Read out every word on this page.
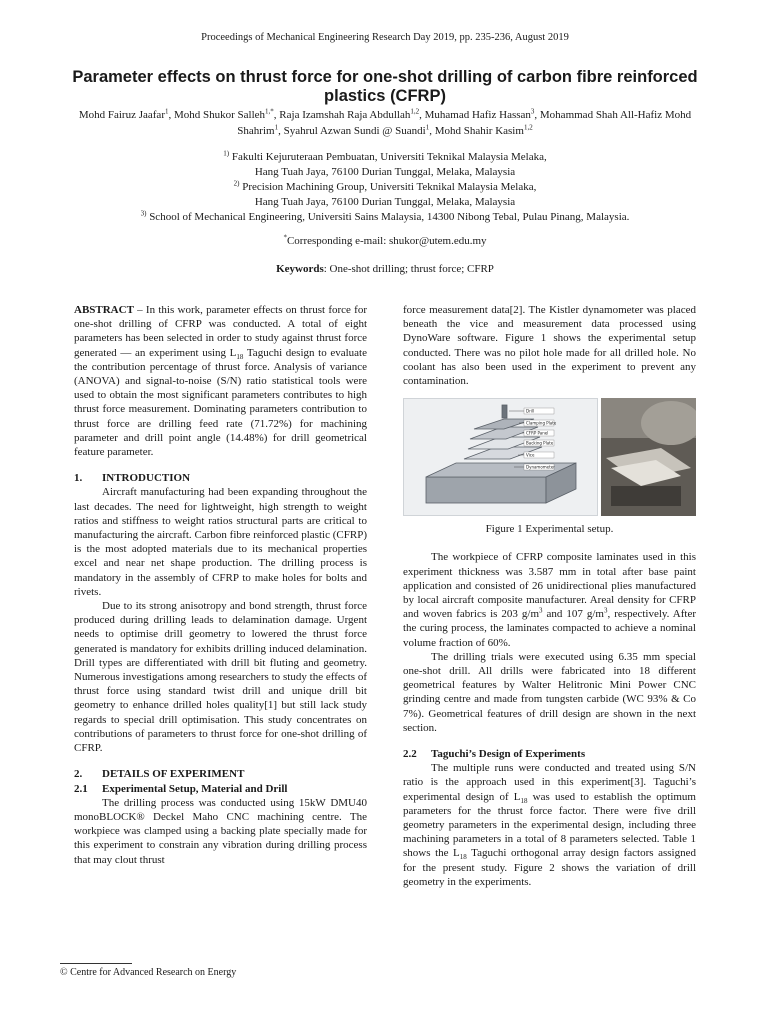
Proceedings of Mechanical Engineering Research Day 2019, pp. 235-236, August 2019
Parameter effects on thrust force for one-shot drilling of carbon fibre reinforced plastics (CFRP)
Mohd Fairuz Jaafar$^1$, Mohd Shukor Salleh$^{1,*}$, Raja Izamshah Raja Abdullah$^{1,2}$, Muhamad Hafiz Hassan$^3$, Mohammad Shah All-Hafiz Mohd Shahrim$^1$, Syahrul Azwan Sundi @ Suandi$^1$, Mohd Shahir Kasim$^{1,2}$
$^{1)}$ Fakulti Kejuruteraan Pembuatan, Universiti Teknikal Malaysia Melaka,
Hang Tuah Jaya, 76100 Durian Tunggal, Melaka, Malaysia
$^{2)}$ Precision Machining Group, Universiti Teknikal Malaysia Melaka,
Hang Tuah Jaya, 76100 Durian Tunggal, Melaka, Malaysia
$^{3)}$ School of Mechanical Engineering, Universiti Sains Malaysia, 14300 Nibong Tebal, Pulau Pinang, Malaysia.
*Corresponding e-mail: shukor@utem.edu.my
Keywords: One-shot drilling; thrust force; CFRP

ABSTRACT – In this work, parameter effects on thrust force for one-shot drilling of CFRP was conducted. A total of eight parameters has been selected in order to study against thrust force generated — an experiment using $L_{18}$ Taguchi design to evaluate the contribution percentage of thrust force. Analysis of variance (ANOVA) and signal-to-noise (S/N) ratio statistical tools were used to obtain the most significant parameters contributes to high thrust force measurement. Dominating parameters contribution to thrust force are drilling feed rate (71.72%) for machining parameter and drill point angle (14.48%) for drill geometrical feature parameter.

1.	INTRODUCTION

Aircraft manufacturing had been expanding throughout the last decades. The need for lightweight, high strength to weight ratios and stiffness to weight ratios structural parts are critical to manufacturing the aircraft. Carbon fibre reinforced plastic (CFRP) is the most adopted materials due to its mechanical properties excel and near net shape production. The drilling process is mandatory in the assembly of CFRP to make holes for bolts and rivets.

Due to its strong anisotropy and bond strength, thrust force produced during drilling leads to delamination damage. Urgent needs to optimise drill geometry to lowered the thrust force generated is mandatory for exhibits drilling induced delamination. Drill types are differentiated with drill bit fluting and geometry. Numerous investigations among researchers to study the effects of thrust force using standard twist drill and unique drill bit geometry to enhance drilled holes quality[1] but still lack study regards to special drill optimisation. This study concentrates on contributions of parameters to thrust force for one-shot drilling of CFRP.

2.	DETAILS OF EXPERIMENT
2.1	Experimental Setup, Material and Drill

The drilling process was conducted using 15kW DMU40 monoBLOCK® Deckel Maho CNC machining centre. The workpiece was clamped using a backing plate specially made for this experiment to constrain any vibration during drilling process that may clout thrust

force measurement data[2]. The Kistler dynamometer was placed beneath the vice and measurement data processed using DynoWare software. Figure 1 shows the experimental setup conducted. There was no pilot hole made for all drilled hole. No coolant has also been used in the experiment to prevent any contamination.

Drill
Clamping Plate
CFRP Panel
Backing Plate
Vice
Dynamometer
Figure 1 Experimental setup.

The workpiece of CFRP composite laminates used in this experiment thickness was 3.587 mm in total after base paint application and consisted of 26 unidirectional plies manufactured by local aircraft composite manufacturer. Areal density for CFRP and woven fabrics is 203 $g/m^3$ and 107 $g/m^3$, respectively. After the curing process, the laminates compacted to achieve a nominal volume fraction of 60%.

The drilling trials were executed using 6.35 mm special one-shot drill. All drills were fabricated into 18 different geometrical features by Walter Helitronic Mini Power CNC grinding centre and made from tungsten carbide (WC 93% & Co 7%). Geometrical features of drill design are shown in the next section.

2.2	Taguchi’s Design of Experiments

The multiple runs were conducted and treated using S/N ratio is the approach used in this experiment[3]. Taguchi’s experimental design of $L_{18}$ was used to establish the optimum parameters for the thrust force factor. There were five drill geometry parameters in the experimental design, including three machining parameters in a total of 8 parameters selected. Table 1 shows the $L_{18}$ Taguchi orthogonal array design factors assigned for the present study. Figure 2 shows the variation of drill geometry in the experiments.

© Centre for Advanced Research on Energy
